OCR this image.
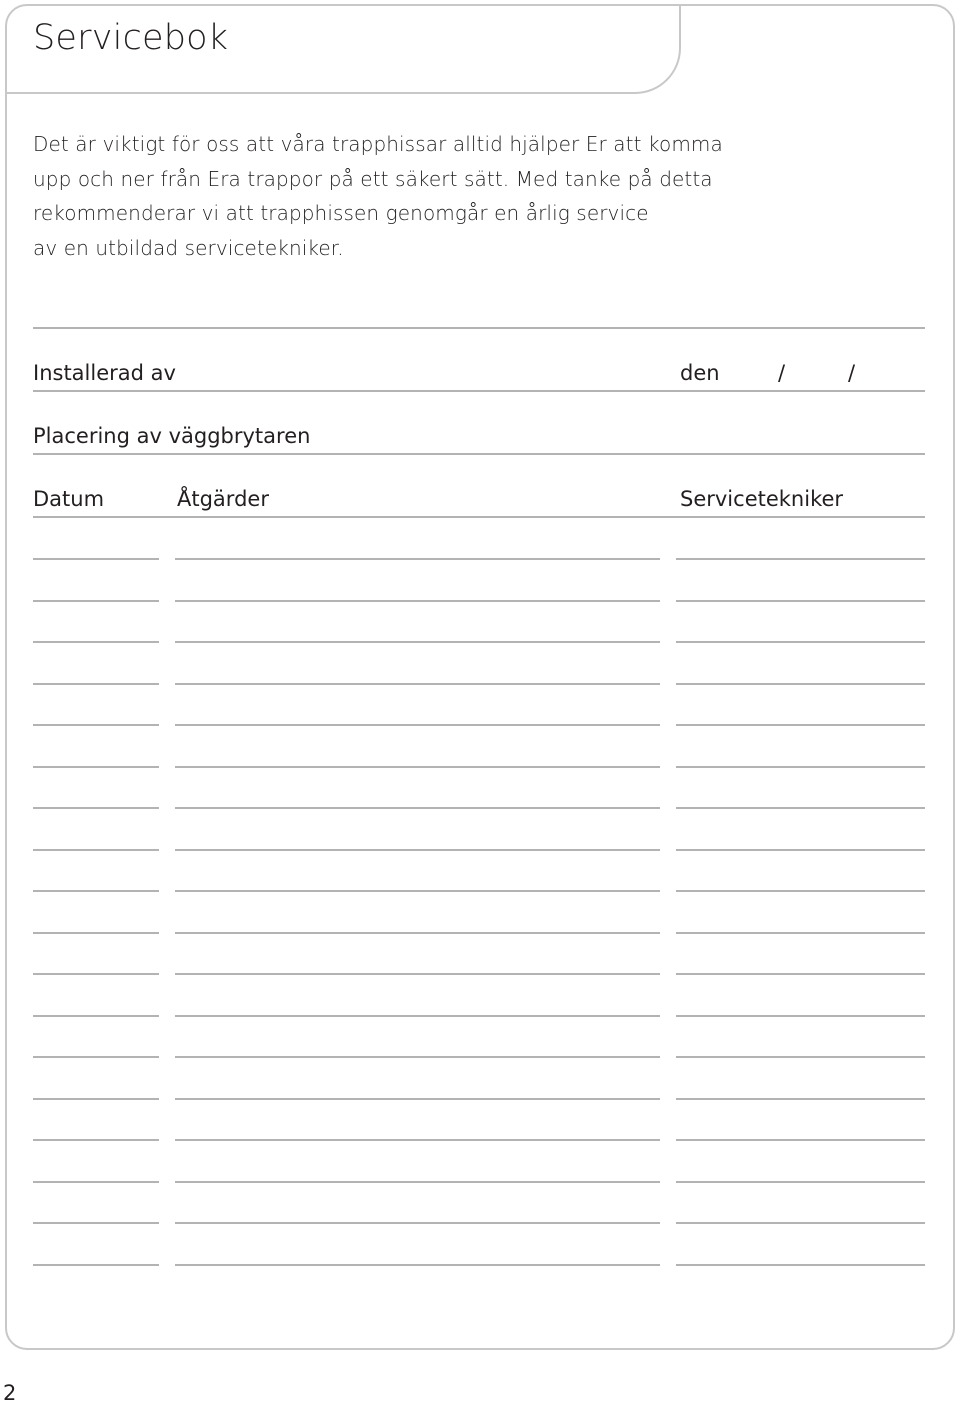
Servicebok
Det är viktigt för oss att våra trapphissar alltid hjälper Er att komma
upp och ner från Era trappor på ett säkert sätt. Med tanke på detta
rekommenderar vi att trapphissen genomgår en årlig service
av en utbildad servicetekniker.
Installerad av	den	/	/
Placering av väggbrytaren
Datum	Åtgärder	Servicetekniker
2
